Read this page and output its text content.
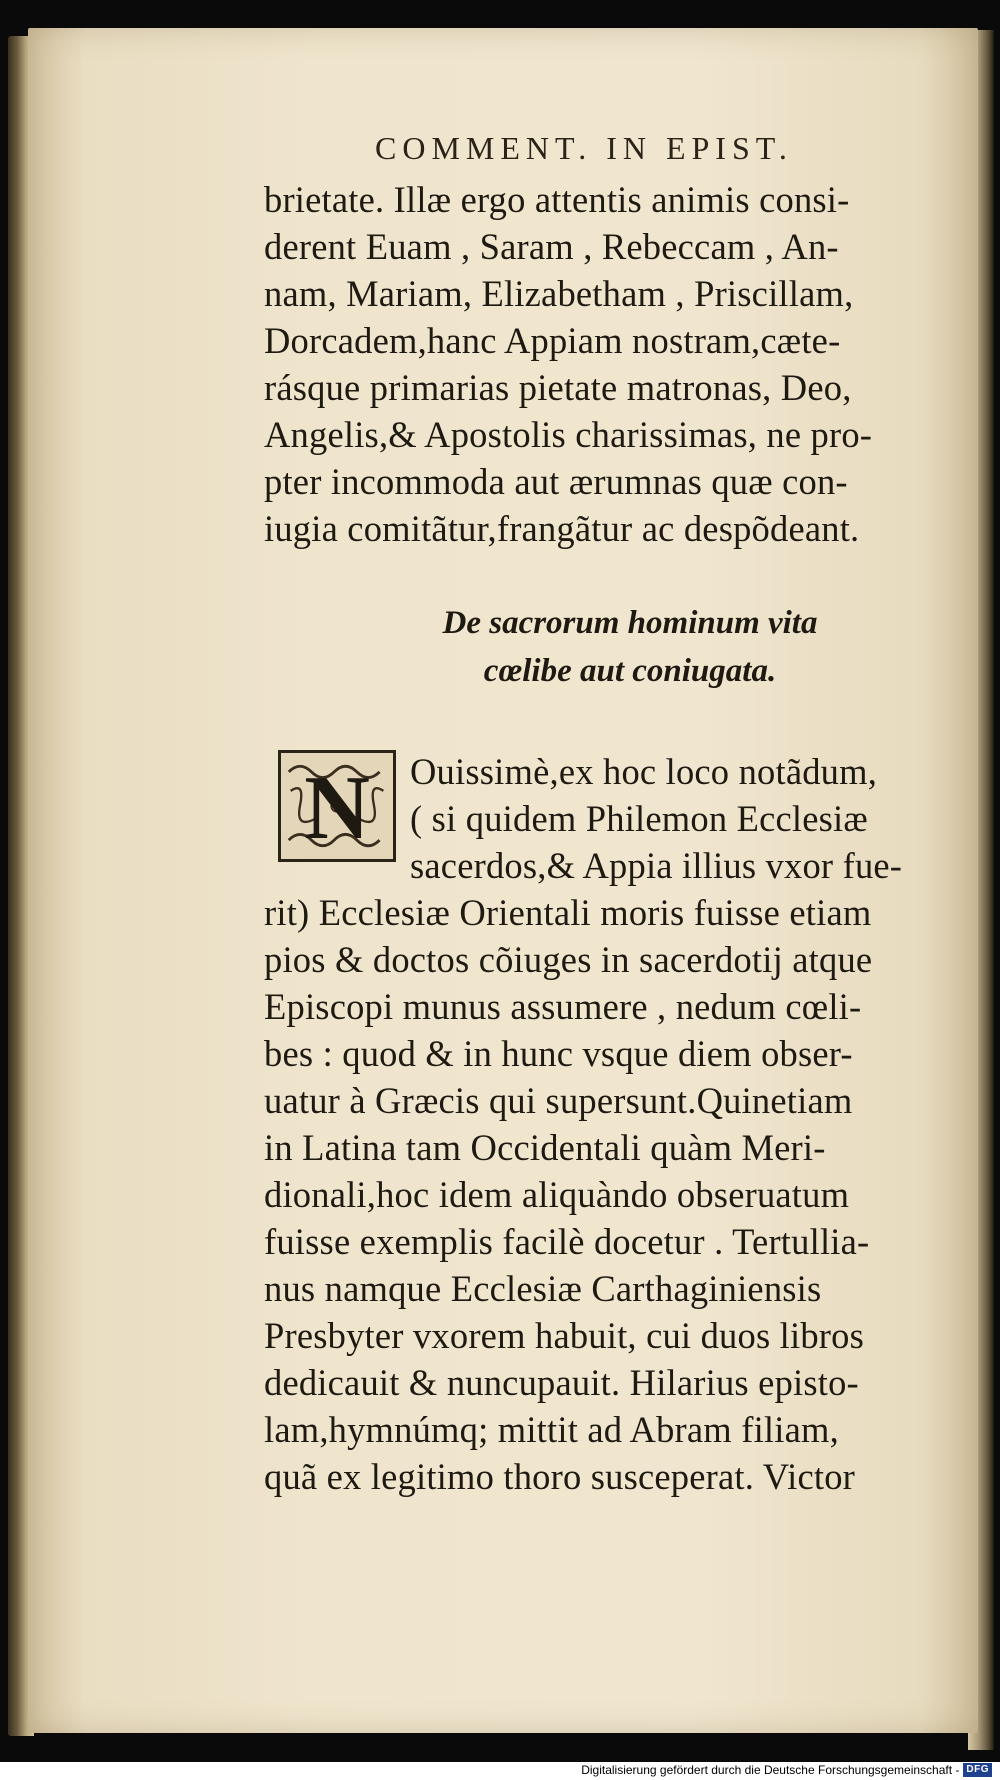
COMMENT. IN EPIST.
brietate. Illæ ergo attentis animis consi-
derent Euam , Saram , Rebeccam , An-
nam, Mariam, Elizabetham , Priscillam,
Dorcadem,hanc Appiam nostram,cæte-
rásque primarias pietate matronas, Deo,
Angelis,& Apostolis charissimas, ne pro-
pter incommoda aut ærumnas quæ con-
iugia comitãtur,frangãtur ac despõdeant.
De sacrorum hominum vita
cœlibe aut coniugata.
N Ouissimè,ex hoc loco notãdum,
( si quidem Philemon Ecclesiæ
sacerdos,& Appia illius vxor fue-
rit) Ecclesiæ Orientali moris fuisse etiam
pios & doctos cõiuges in sacerdotij atque
Episcopi munus assumere , nedum cœli-
bes : quod & in hunc vsque diem obser-
uatur à Græcis qui supersunt.Quinetiam
in Latina tam Occidentali quàm Meri-
dionali,hoc idem aliquàndo obseruatum
fuisse exemplis facilè docetur . Tertullia-
nus namque Ecclesiæ Carthaginiensis
Presbyter vxorem habuit, cui duos libros
dedicauit & nuncupauit. Hilarius episto-
lam,hymnúmq; mittit ad Abram filiam,
quã ex legitimo thoro susceperat. Victor
Digitalisierung gefördert durch die Deutsche Forschungsgemeinschaft - DFG
